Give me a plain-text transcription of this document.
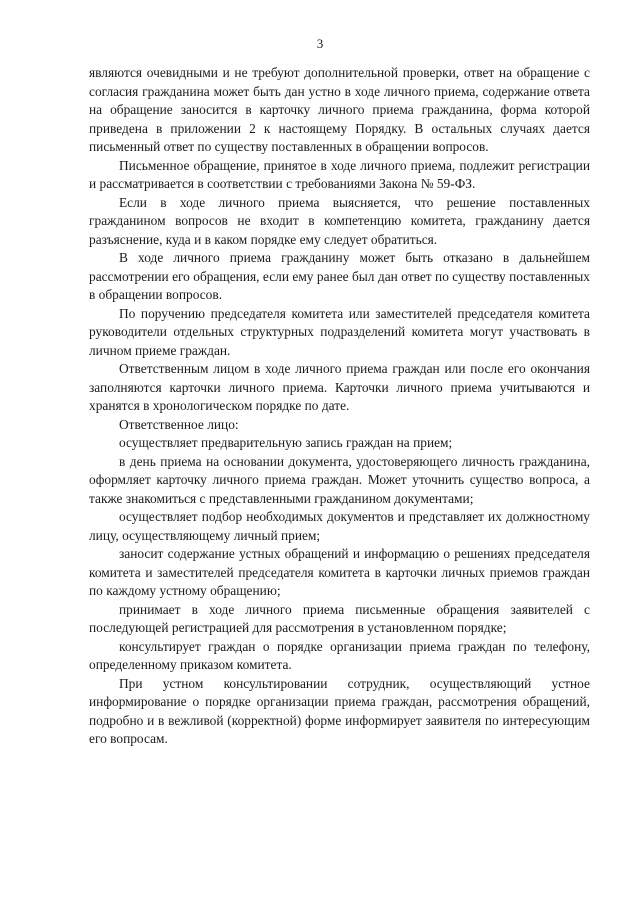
3

являются очевидными и не требуют дополнительной проверки, ответ на обращение с согласия гражданина может быть дан устно в ходе личного приема, содержание ответа на обращение заносится в карточку личного приема гражданина, форма которой приведена в приложении 2 к настоящему Порядку. В остальных случаях дается письменный ответ по существу поставленных в обращении вопросов.

Письменное обращение, принятое в ходе личного приема, подлежит регистрации и рассматривается в соответствии с требованиями Закона № 59-ФЗ.

Если в ходе личного приема выясняется, что решение поставленных гражданином вопросов не входит в компетенцию комитета, гражданину дается разъяснение, куда и в каком порядке ему следует обратиться.

В ходе личного приема гражданину может быть отказано в дальнейшем рассмотрении его обращения, если ему ранее был дан ответ по существу поставленных в обращении вопросов.

По поручению председателя комитета или заместителей председателя комитета руководители отдельных структурных подразделений комитета могут участвовать в личном приеме граждан.

Ответственным лицом в ходе личного приема граждан или после его окончания заполняются карточки личного приема. Карточки личного приема учитываются и хранятся в хронологическом порядке по дате.

Ответственное лицо:

осуществляет предварительную запись граждан на прием;

в день приема на основании документа, удостоверяющего личность гражданина, оформляет карточку личного приема граждан. Может уточнить существо вопроса, а также знакомиться с представленными гражданином документами;

осуществляет подбор необходимых документов и представляет их должностному лицу, осуществляющему личный прием;

заносит содержание устных обращений и информацию о решениях председателя комитета и заместителей председателя комитета в карточки личных приемов граждан по каждому устному обращению;

принимает в ходе личного приема письменные обращения заявителей с последующей регистрацией для рассмотрения в установленном порядке;

консультирует граждан о порядке организации приема граждан по телефону, определенному приказом комитета.

При устном консультировании сотрудник, осуществляющий устное информирование о порядке организации приема граждан, рассмотрения обращений, подробно и в вежливой (корректной) форме информирует заявителя по интересующим его вопросам.
